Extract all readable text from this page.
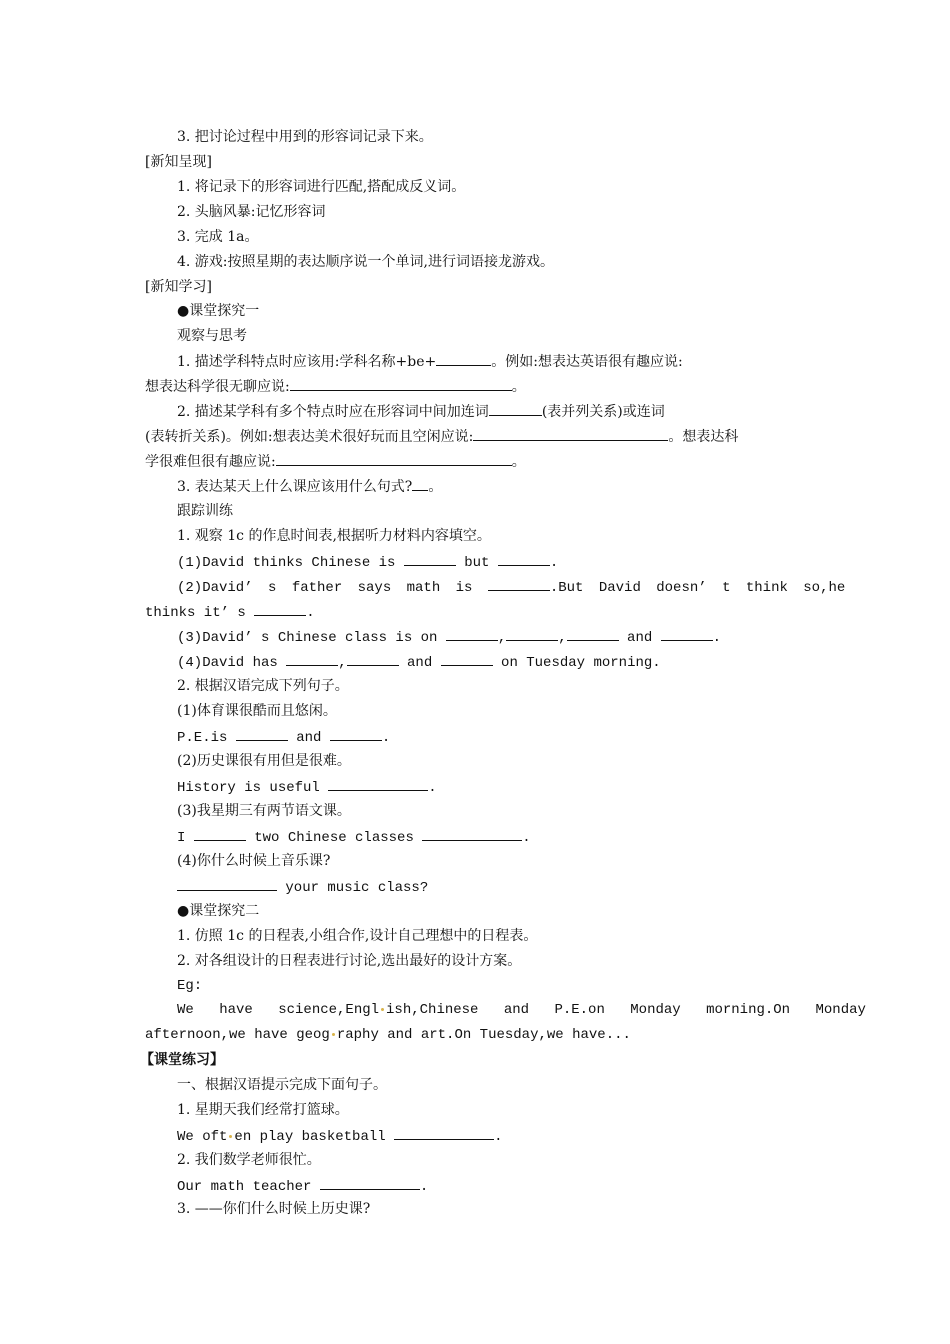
3. 把讨论过程中用到的形容词记录下来。
[新知呈现]
1. 将记录下的形容词进行匹配,搭配成反义词。
2. 头脑风暴:记忆形容词
3. 完成 1a。
4. 游戏:按照星期的表达顺序说一个单词,进行词语接龙游戏。
[新知学习]
●课堂探究一
观察与思考
1. 描述学科特点时应该用:学科名称+be+	。例如:想表达英语很有趣应说:
想表达科学很无聊应说:	。
2. 描述某学科有多个特点时应在形容词中间加连词	(表并列关系)或连词
(表转折关系)。例如:想表达美术很好玩而且空闲应说:	。想表达科
学很难但很有趣应说:	。
3. 表达某天上什么课应该用什么句式? 。
跟踪训练
1. 观察 1c 的作息时间表,根据听力材料内容填空。
(1)David thinks Chinese is	but	.
(2)David’ s father says math is	.But David doesn’ t think so,he
thinks it’ s	.
(3)David’ s Chinese class is on	,	,	and	.
(4)David has	,	and	on Tuesday morning.
2. 根据汉语完成下列句子。
(1)体育课很酷而且悠闲。
P.E.is	and	.
(2)历史课很有用但是很难。
History is useful	.
(3)我星期三有两节语文课。
I	two Chinese classes	.
(4)你什么时候上音乐课?
your music class?
●课堂探究二
1. 仿照 1c 的日程表,小组合作,设计自己理想中的日程表。
2. 对各组设计的日程表进行讨论,选出最好的设计方案。
Eg:
We have science,Engl ish,Chinese and P.E.on Monday morning.On Monday
afternoon,we have geog raphy and art.On Tuesday,we have...
【课堂练习】
一、根据汉语提示完成下面句子。
1. 星期天我们经常打篮球。
We oft en play basketball	.
2. 我们数学老师很忙。
Our math teacher	.
3. ——你们什么时候上历史课?
